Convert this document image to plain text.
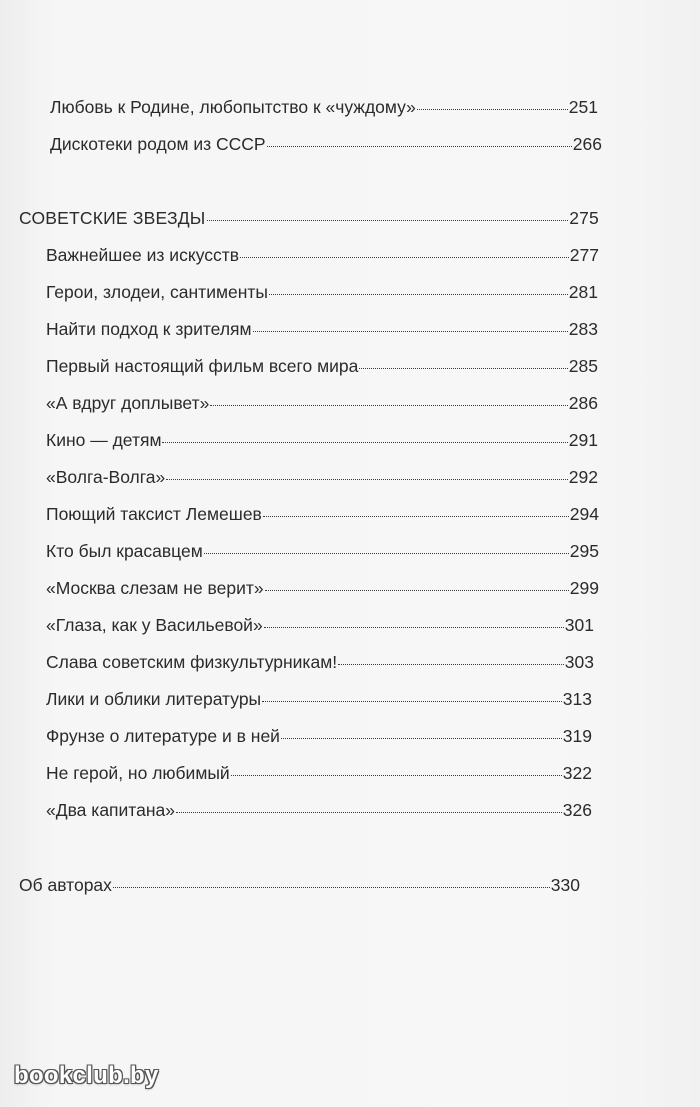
Любовь к Родине, любопытство к «чуждому»	251
Дискотеки родом из СССР	266
СОВЕТСКИЕ ЗВЕЗДЫ	275
Важнейшее из искусств	277
Герои, злодеи, сантименты	281
Найти подход к зрителям	283
Первый настоящий фильм всего мира	285
«А вдруг доплывет»	286
Кино — детям	291
«Волга-Волга»	292
Поющий таксист Лемешев	294
Кто был красавцем	295
«Москва слезам не верит»	299
«Глаза, как у Васильевой»	301
Слава советским физкультурникам!	303
Лики и облики литературы	313
Фрунзе о литературе и в ней	319
Не герой, но любимый	322
«Два капитана»	326
Об авторах	330
bookclub.by
